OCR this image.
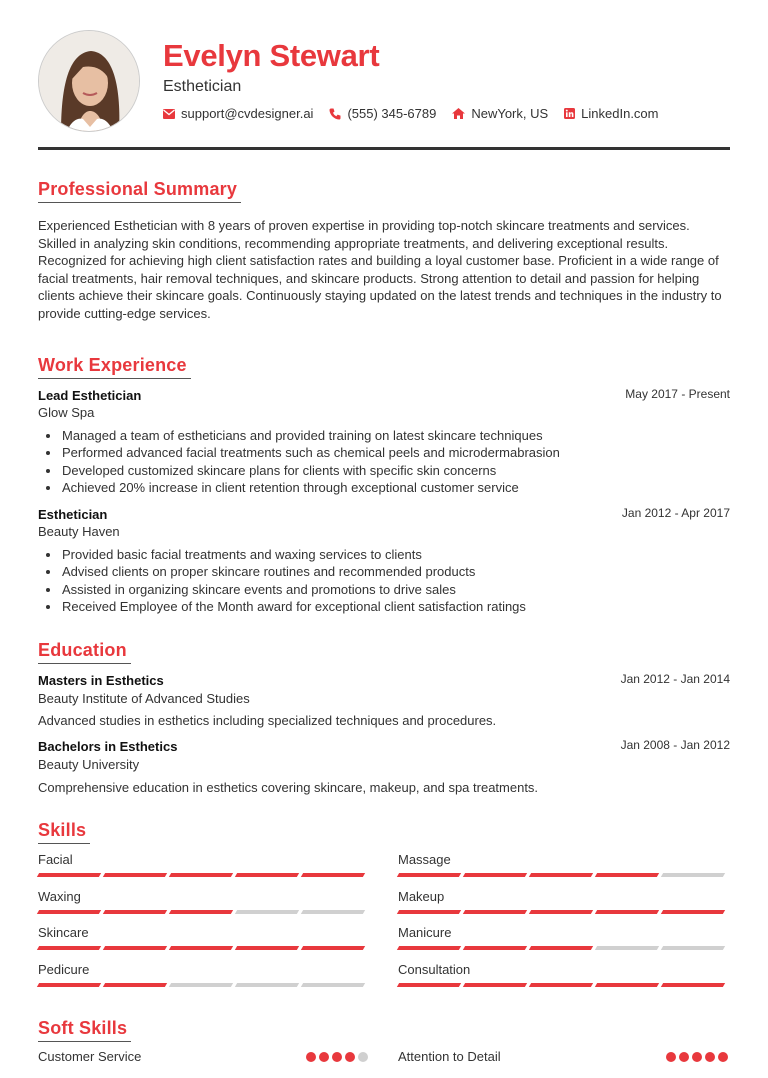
Evelyn Stewart
Esthetician
support@cvdesigner.ai	(555) 345-6789	NewYork, US	LinkedIn.com
Professional Summary
Experienced Esthetician with 8 years of proven expertise in providing top-notch skincare treatments and services. Skilled in analyzing skin conditions, recommending appropriate treatments, and delivering exceptional results. Recognized for achieving high client satisfaction rates and building a loyal customer base. Proficient in a wide range of facial treatments, hair removal techniques, and skincare products. Strong attention to detail and passion for helping clients achieve their skincare goals. Continuously staying updated on the latest trends and techniques in the industry to provide cutting-edge services.
Work Experience
Lead Esthetician	May 2017 - Present
Glow Spa
Managed a team of estheticians and provided training on latest skincare techniques
Performed advanced facial treatments such as chemical peels and microdermabrasion
Developed customized skincare plans for clients with specific skin concerns
Achieved 20% increase in client retention through exceptional customer service
Esthetician	Jan 2012 - Apr 2017
Beauty Haven
Provided basic facial treatments and waxing services to clients
Advised clients on proper skincare routines and recommended products
Assisted in organizing skincare events and promotions to drive sales
Received Employee of the Month award for exceptional client satisfaction ratings
Education
Masters in Esthetics	Jan 2012 - Jan 2014
Beauty Institute of Advanced Studies
Advanced studies in esthetics including specialized techniques and procedures.
Bachelors in Esthetics	Jan 2008 - Jan 2012
Beauty University
Comprehensive education in esthetics covering skincare, makeup, and spa treatments.
Skills
Facial	Massage
Waxing	Makeup
Skincare	Manicure
Pedicure	Consultation
Soft Skills
Customer Service	Attention to Detail
